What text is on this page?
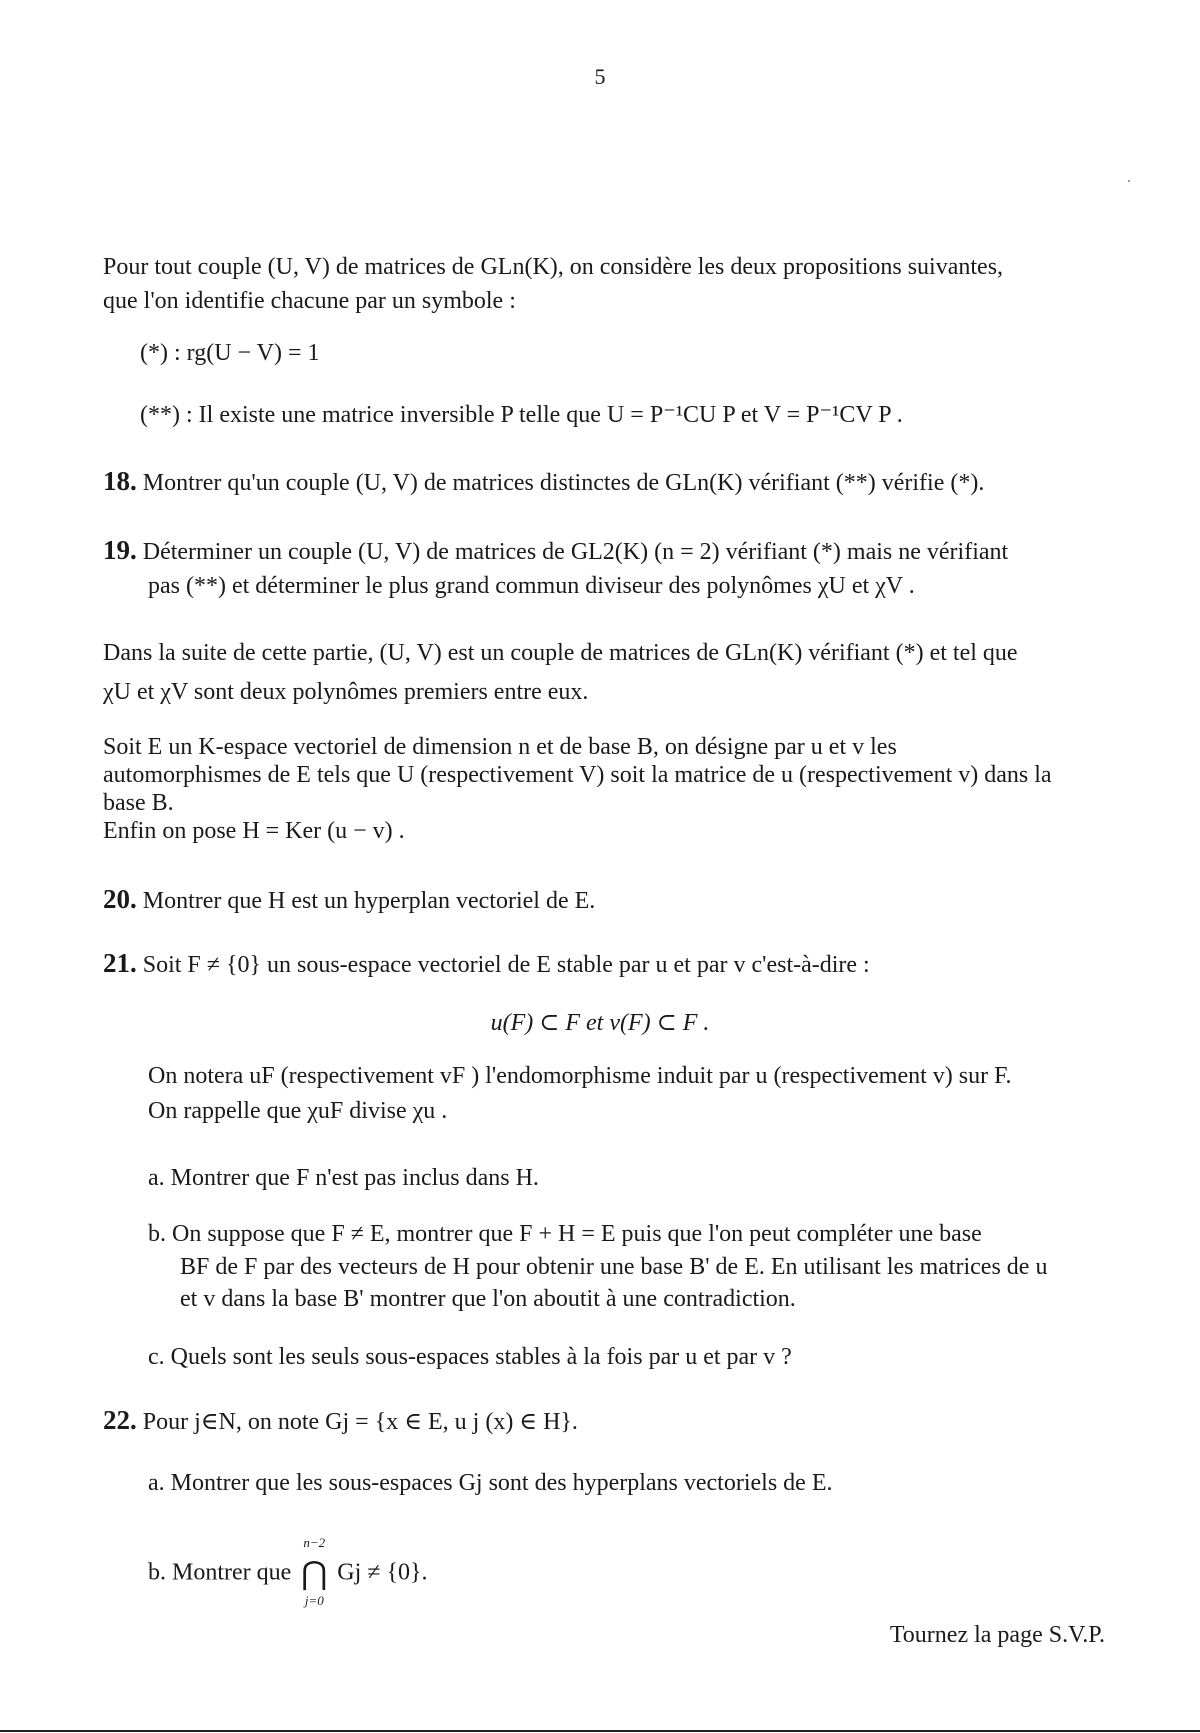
5
Pour tout couple (U, V) de matrices de GLn(K), on considère les deux propositions suivantes,
que l'on identifie chacune par un symbole :
(*) : rg(U − V) = 1
(**) : Il existe une matrice inversible P telle que U = P⁻¹CU P et V = P⁻¹CV P .
18. Montrer qu'un couple (U, V) de matrices distinctes de GLn(K) vérifiant (**) vérifie (*).
19. Déterminer un couple (U, V) de matrices de GL2(K) (n = 2) vérifiant (*) mais ne vérifiant
pas (**) et déterminer le plus grand commun diviseur des polynômes χU et χV .
Dans la suite de cette partie, (U, V) est un couple de matrices de GLn(K) vérifiant (*) et tel que
χU et χV sont deux polynômes premiers entre eux.
Soit E un K-espace vectoriel de dimension n et de base B, on désigne par u et v les
automorphismes de E tels que U (respectivement V) soit la matrice de u (respectivement v) dans la
base B.
Enfin on pose H = Ker (u − v) .
20. Montrer que H est un hyperplan vectoriel de E.
21. Soit F ≠ {0} un sous-espace vectoriel de E stable par u et par v c'est-à-dire :
u(F) ⊂ F et v(F) ⊂ F .
On notera uF (respectivement vF ) l'endomorphisme induit par u (respectivement v) sur F.
On rappelle que χuF divise χu .
a. Montrer que F n'est pas inclus dans H.
b. On suppose que F ≠ E, montrer que F + H = E puis que l'on peut compléter une base
BF de F par des vecteurs de H pour obtenir une base B' de E. En utilisant les matrices de u
et v dans la base B' montrer que l'on aboutit à une contradiction.
c. Quels sont les seuls sous-espaces stables à la fois par u et par v ?
22. Pour j∈N, on note Gj = {x ∈ E, u j (x) ∈ H}.
a. Montrer que les sous-espaces Gj sont des hyperplans vectoriels de E.
b. Montrer que
n−2
⋂
j=0
Gj ≠ {0}.
Tournez la page S.V.P.
